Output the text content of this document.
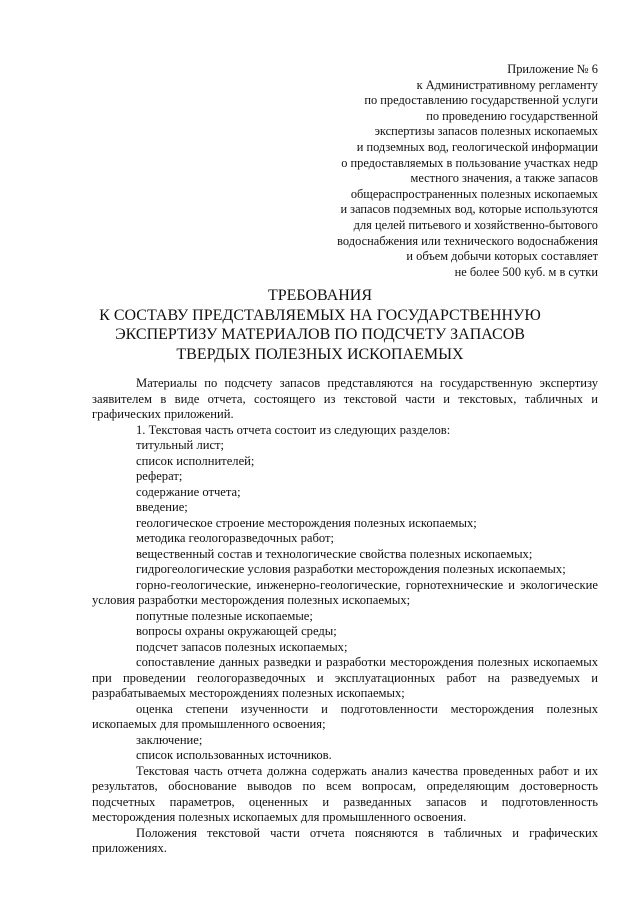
Приложение № 6
к Административному регламенту
по предоставлению государственной услуги
по проведению государственной
экспертизы запасов полезных ископаемых
и подземных вод, геологической информации
о предоставляемых в пользование участках недр
местного значения, а также запасов
общераспространенных полезных ископаемых
и запасов подземных вод, которые используются
для целей питьевого и хозяйственно-бытового
водоснабжения или технического водоснабжения
и объем добычи которых составляет
не более 500 куб. м в сутки
ТРЕБОВАНИЯ
К СОСТАВУ ПРЕДСТАВЛЯЕМЫХ НА ГОСУДАРСТВЕННУЮ
ЭКСПЕРТИЗУ МАТЕРИАЛОВ ПО ПОДСЧЕТУ ЗАПАСОВ
ТВЕРДЫХ ПОЛЕЗНЫХ ИСКОПАЕМЫХ

Материалы по подсчету запасов представляются на государственную экспертизу заявителем в виде отчета, состоящего из текстовой части и текстовых, табличных и графических приложений.

1. Текстовая часть отчета состоит из следующих разделов:

титульный лист;

список исполнителей;

реферат;

содержание отчета;

введение;

геологическое строение месторождения полезных ископаемых;

методика геологоразведочных работ;

вещественный состав и технологические свойства полезных ископаемых;

гидрогеологические условия разработки месторождения полезных ископаемых;

горно-геологические, инженерно-геологические, горнотехнические и экологические условия разработки месторождения полезных ископаемых;

попутные полезные ископаемые;

вопросы охраны окружающей среды;

подсчет запасов полезных ископаемых;

сопоставление данных разведки и разработки месторождения полезных ископаемых при проведении геологоразведочных и эксплуатационных работ на разведуемых и разрабатываемых месторождениях полезных ископаемых;

оценка степени изученности и подготовленности месторождения полезных ископаемых для промышленного освоения;

заключение;

список использованных источников.

Текстовая часть отчета должна содержать анализ качества проведенных работ и их результатов, обоснование выводов по всем вопросам, определяющим достоверность подсчетных параметров, оцененных и разведанных запасов и подготовленность месторождения полезных ископаемых для промышленного освоения.

Положения текстовой части отчета поясняются в табличных и графических приложениях.
